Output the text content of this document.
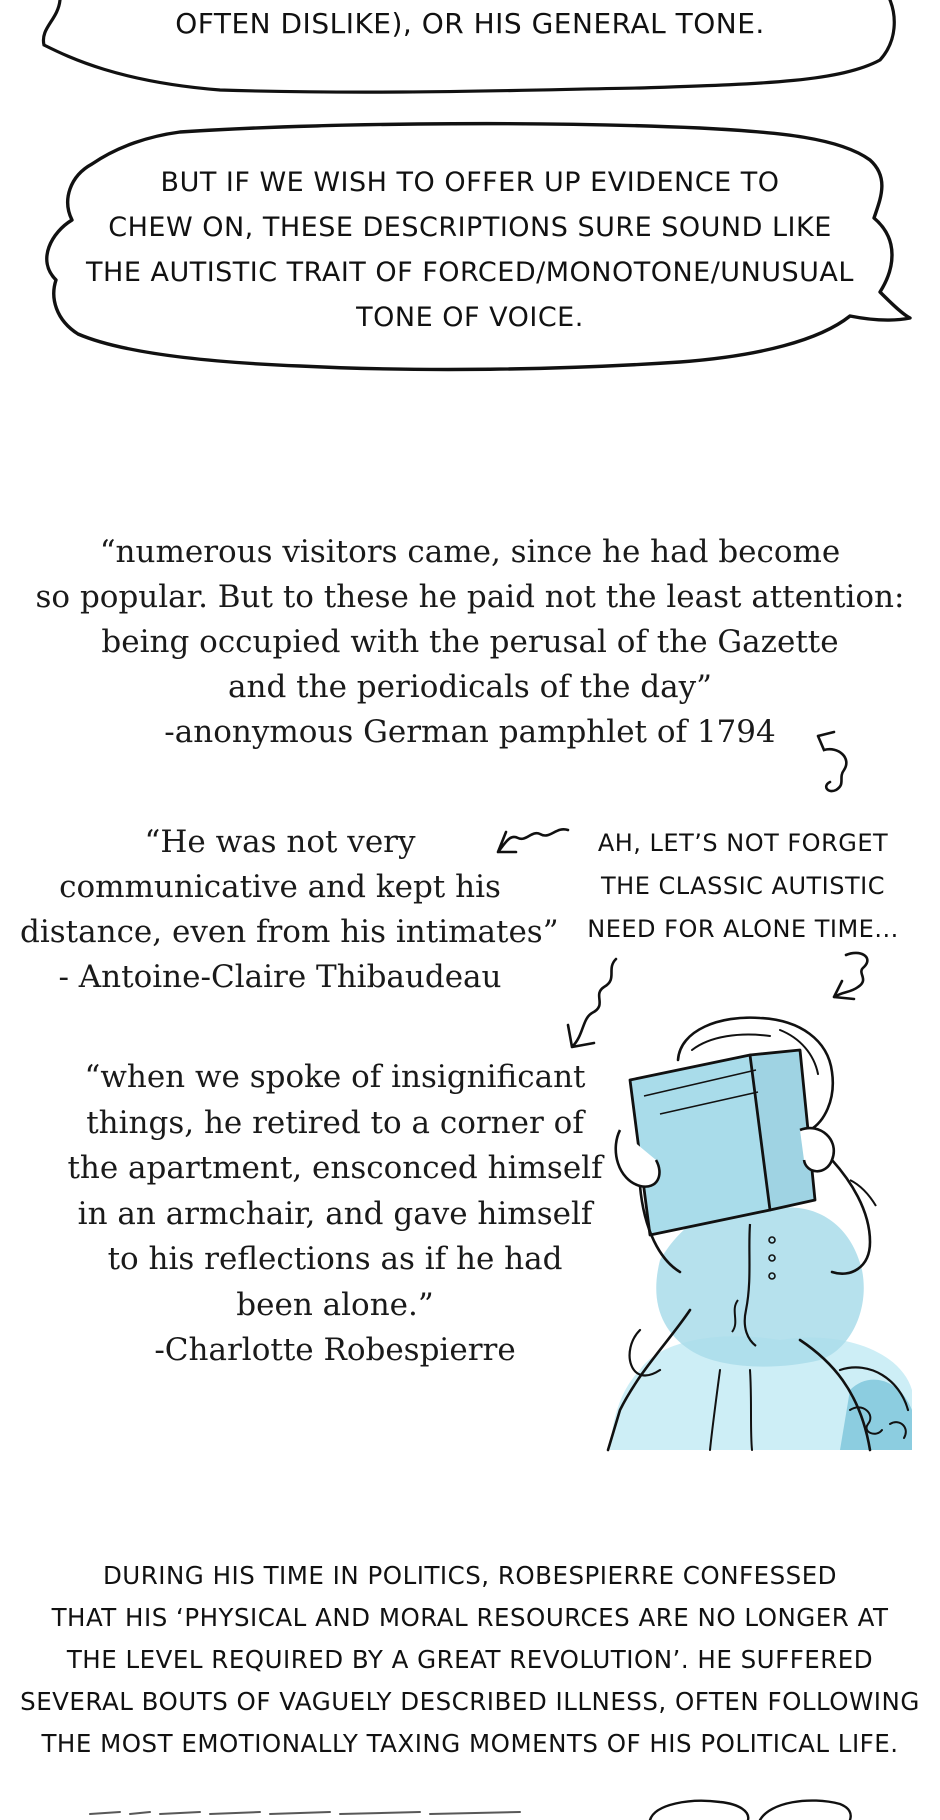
OFTEN DISLIKE), OR HIS GENERAL TONE.
BUT IF WE WISH TO OFFER UP EVIDENCE TO
CHEW ON, THESE DESCRIPTIONS SURE SOUND LIKE
THE AUTISTIC TRAIT OF FORCED/MONOTONE/UNUSUAL
TONE OF VOICE.
“numerous visitors came, since he had become
so popular. But to these he paid not the least attention:
being occupied with the perusal of the Gazette
and the periodicals of the day”
-anonymous German pamphlet of 1794
“He was not very
communicative and kept his
distance, even from his intimates”
- Antoine-Claire Thibaudeau
AH, LET’S NOT FORGET
THE CLASSIC AUTISTIC
NEED FOR ALONE TIME...
“when we spoke of insignificant
things, he retired to a corner of
the apartment, ensconced himself
in an armchair, and gave himself
to his reflections as if he had
been alone.”
-Charlotte Robespierre
DURING HIS TIME IN POLITICS, ROBESPIERRE CONFESSED
THAT HIS ‘PHYSICAL AND MORAL RESOURCES ARE NO LONGER AT
THE LEVEL REQUIRED BY A GREAT REVOLUTION’. HE SUFFERED
SEVERAL BOUTS OF VAGUELY DESCRIBED ILLNESS, OFTEN FOLLOWING
THE MOST EMOTIONALLY TAXING MOMENTS OF HIS POLITICAL LIFE.
